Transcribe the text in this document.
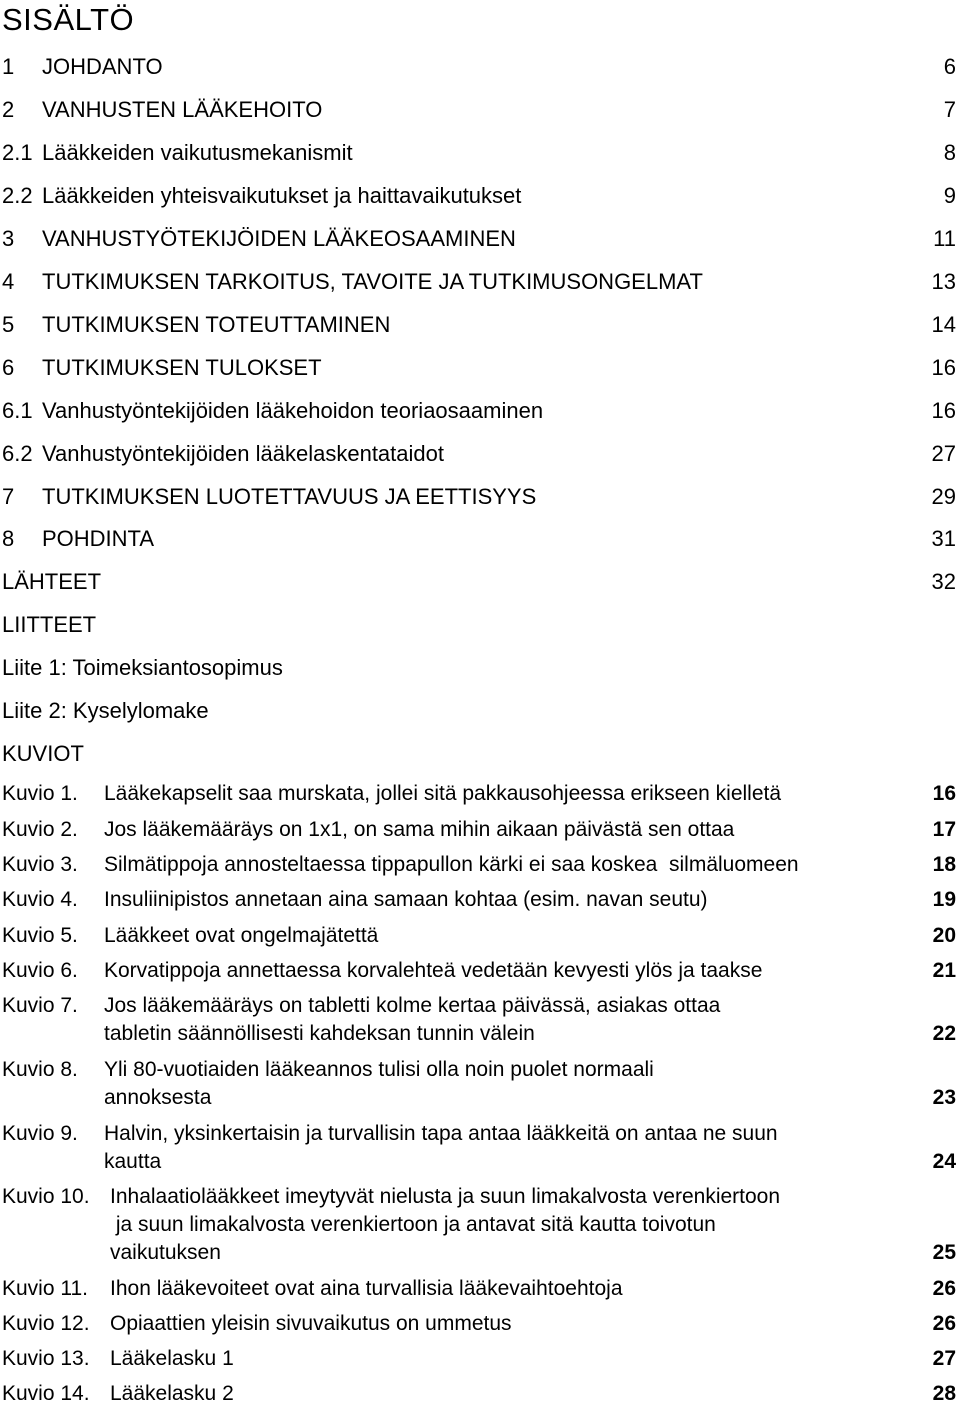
SISÄLTÖ
1 JOHDANTO	6
2 VANHUSTEN LÄÄKEHOITO	7
2.1 Lääkkeiden vaikutusmekanismit	8
2.2 Lääkkeiden yhteisvaikutukset ja haittavaikutukset	9
3 VANHUSTYÖTEKIJÖIDEN LÄÄKEOSAAMINEN	11
4 TUTKIMUKSEN TARKOITUS, TAVOITE JA TUTKIMUSONGELMAT	13
5 TUTKIMUKSEN TOTEUTTAMINEN	14
6 TUTKIMUKSEN TULOKSET	16
6.1 Vanhustyöntekijöiden lääkehoidon teoriaosaaminen	16
6.2 Vanhustyöntekijöiden lääkelaskentataidot	27
7 TUTKIMUKSEN LUOTETTAVUUS JA EETTISYYS	29
8 POHDINTA	31
LÄHTEET	32
LIITTEET
Liite 1: Toimeksiantosopimus
Liite 2: Kyselylomake
KUVIOT
Kuvio 1. Lääkekapselit saa murskata, jollei sitä pakkausohjeessa erikseen kielletä	16
Kuvio 2. Jos lääkemääräys on 1x1, on sama mihin aikaan päivästä sen ottaa	17
Kuvio 3. Silmätippoja annosteltaessa tippapullon kärki ei saa koskea  silmäluomeen	18
Kuvio 4. Insuliinipistos annetaan aina samaan kohtaa (esim. navan seutu)	19
Kuvio 5. Lääkkeet ovat ongelmajätettä	20
Kuvio 6. Korvatippoja annettaessa korvalehteä vedetään kevyesti ylös ja taakse	21
Kuvio 7. Jos lääkemääräys on tabletti kolme kertaa päivässä, asiakas ottaa
tabletin säännöllisesti kahdeksan tunnin välein	22
Kuvio 8. Yli 80-vuotiaiden lääkeannos tulisi olla noin puolet normaali
annoksesta	23
Kuvio 9. Halvin, yksinkertaisin ja turvallisin tapa antaa lääkkeitä on antaa ne suun
kautta	24
Kuvio 10. Inhalaatiolääkkeet imeytyvät nielusta ja suun limakalvosta verenkiertoon
ja suun limakalvosta verenkiertoon ja antavat sitä kautta toivotun
vaikutuksen	25
Kuvio 11. Ihon lääkevoiteet ovat aina turvallisia lääkevaihtoehtoja	26
Kuvio 12. Opiaattien yleisin sivuvaikutus on ummetus	26
Kuvio 13. Lääkelasku 1	27
Kuvio 14. Lääkelasku 2	28
